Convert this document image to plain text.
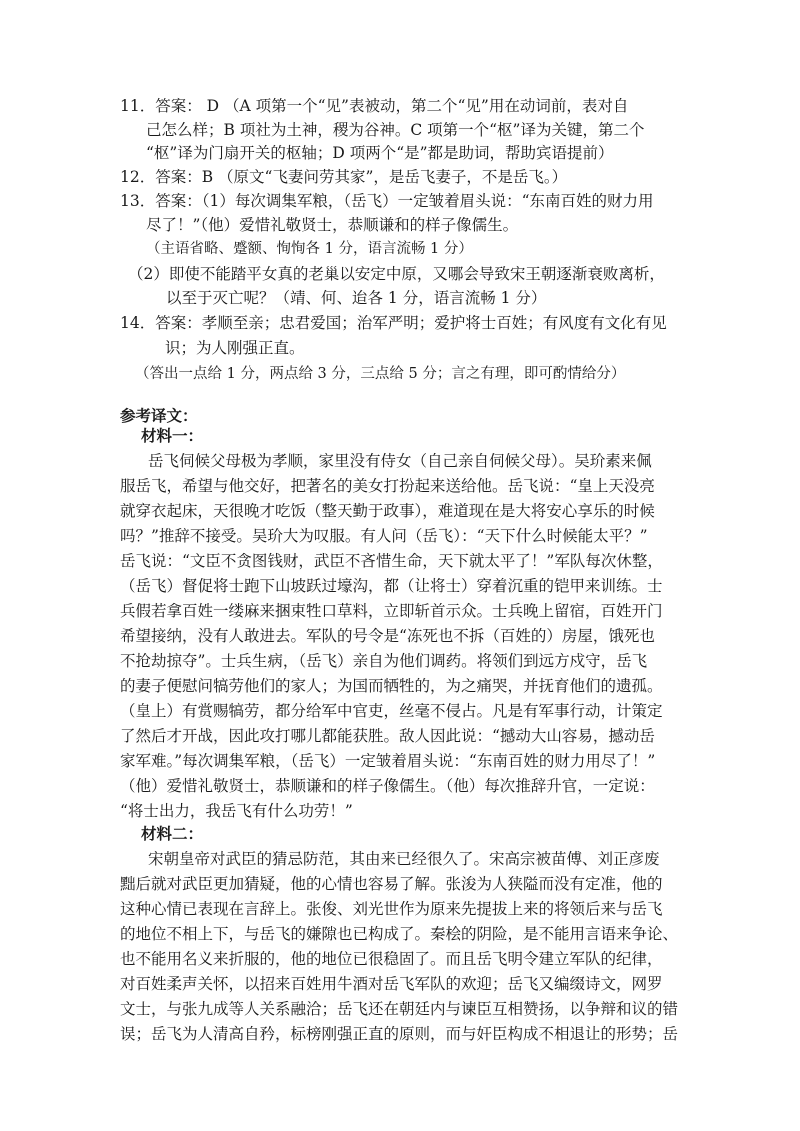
11．答案： D （A 项第一个“见”表被动，第二个“见”用在动词前，表对自
己怎么样；B 项社为土神，稷为谷神。C 项第一个“枢”译为关键，第二个
“枢”译为门扇开关的枢轴；D 项两个“是”都是助词，帮助宾语提前）
12．答案：B （原文“飞妻问劳其家”，是岳飞妻子，不是岳飞。）
13．答案：（1）每次调集军粮，（岳飞）一定皱着眉头说：“东南百姓的财力用
尽了！”（他）爱惜礼敬贤士，恭顺谦和的样子像儒生。
（主语省略、蹙额、恂恂各 1 分，语言流畅 1 分）
（2）即使不能踏平女真的老巢以安定中原，又哪会导致宋王朝逐渐衰败离析，
以至于灭亡呢？（靖、何、迨各 1 分，语言流畅 1 分）
14．答案：孝顺至亲；忠君爱国；治军严明；爱护将士百姓；有风度有文化有见
识；为人刚强正直。
（答出一点给 1 分，两点给 3 分，三点给 5 分；言之有理，即可酌情给分）
参考译文：
材料一：
岳飞伺候父母极为孝顺，家里没有侍女（自己亲自伺候父母）。吴玠素来佩
服岳飞，希望与他交好，把著名的美女打扮起来送给他。岳飞说：“皇上天没亮
就穿衣起床，天很晚才吃饭（整天勤于政事），难道现在是大将安心享乐的时候
吗？”推辞不接受。吴玠大为叹服。有人问（岳飞）：“天下什么时候能太平？”
岳飞说：“文臣不贪图钱财，武臣不吝惜生命，天下就太平了！”军队每次休整，
（岳飞）督促将士跑下山坡跃过壕沟，都（让将士）穿着沉重的铠甲来训练。士
兵假若拿百姓一缕麻来捆束牲口草料，立即斩首示众。士兵晚上留宿，百姓开门
希望接纳，没有人敢进去。军队的号令是“冻死也不拆（百姓的）房屋，饿死也
不抢劫掠夺”。士兵生病，（岳飞）亲自为他们调药。将领们到远方戍守，岳飞
的妻子便慰问犒劳他们的家人；为国而牺牲的，为之痛哭，并抚育他们的遗孤。
（皇上）有赏赐犒劳，都分给军中官吏，丝毫不侵占。凡是有军事行动，计策定
了然后才开战，因此攻打哪儿都能获胜。敌人因此说：“撼动大山容易，撼动岳
家军难。”每次调集军粮，（岳飞）一定皱着眉头说：“东南百姓的财力用尽了！”
（他）爱惜礼敬贤士，恭顺谦和的样子像儒生。（他）每次推辞升官，一定说：
“将士出力，我岳飞有什么功劳！”
材料二：
宋朝皇帝对武臣的猜忌防范，其由来已经很久了。宋高宗被苗傅、刘正彦废
黜后就对武臣更加猜疑，他的心情也容易了解。张浚为人狭隘而没有定准，他的
这种心情已表现在言辞上。张俊、刘光世作为原来先提拔上来的将领后来与岳飞
的地位不相上下，与岳飞的嫌隙也已构成了。秦桧的阴险，是不能用言语来争论、
也不能用名义来折服的，他的地位已很稳固了。而且岳飞明令建立军队的纪律，
对百姓柔声关怀，以招来百姓用牛酒对岳飞军队的欢迎；岳飞又编缀诗文，网罗
文士，与张九成等人关系融洽；岳飞还在朝廷内与谏臣互相赞扬，以争辩和议的错
误；岳飞为人清高自矜，标榜刚强正直的原则，而与奸臣构成不相退让的形势；岳
